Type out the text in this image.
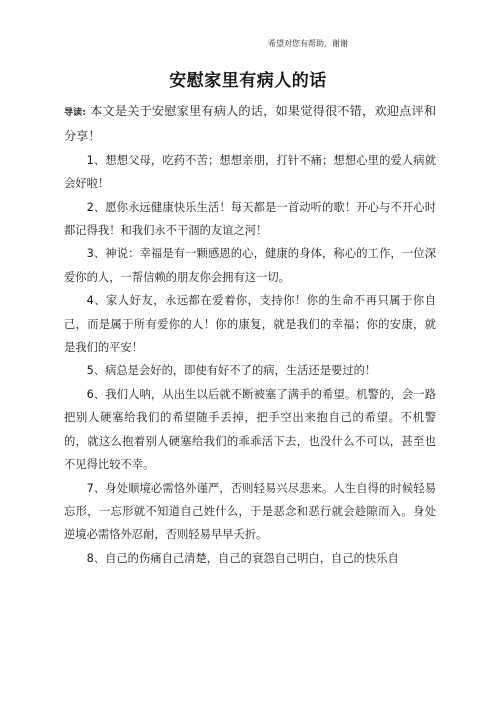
希望对您有帮助，谢谢
安慰家里有病人的话

导读: 本文是关于安慰家里有病人的话，如果觉得很不错，欢迎点评和分享！

1、想想父母，吃药不苦；想想亲朋，打针不痛；想想心里的爱人病就会好啦！

2、愿你永远健康快乐生活！每天都是一首动听的歌！开心与不开心时都记得我！和我们永不干涸的友谊之河！

3、神说：幸福是有一颗感恩的心，健康的身体，称心的工作，一位深爱你的人，一帮信赖的朋友你会拥有这一切。

4、家人好友，永远都在爱着你，支持你！你的生命不再只属于你自己，而是属于所有爱你的人！你的康复，就是我们的幸福；你的安康，就是我们的平安！

5、病总是会好的，即使有好不了的病，生活还是要过的！

6、我们人呐，从出生以后就不断被塞了满手的希望。机警的，会一路把别人硬塞给我们的希望随手丢掉，把手空出来抱自己的希望。不机警的，就这么抱着别人硬塞给我们的乖乖活下去，也没什么不可以，甚至也不见得比较不幸。

7、身处顺境必需恪外谨严，否则轻易兴尽悲来。人生自得的时候轻易忘形，一忘形就不知道自己姓什么，于是恶念和恶行就会趁隙而入。身处逆境必需恪外忍耐，否则轻易早早夭折。

8、自己的伤痛自己清楚，自己的衰怨自己明白，自己的快乐自
